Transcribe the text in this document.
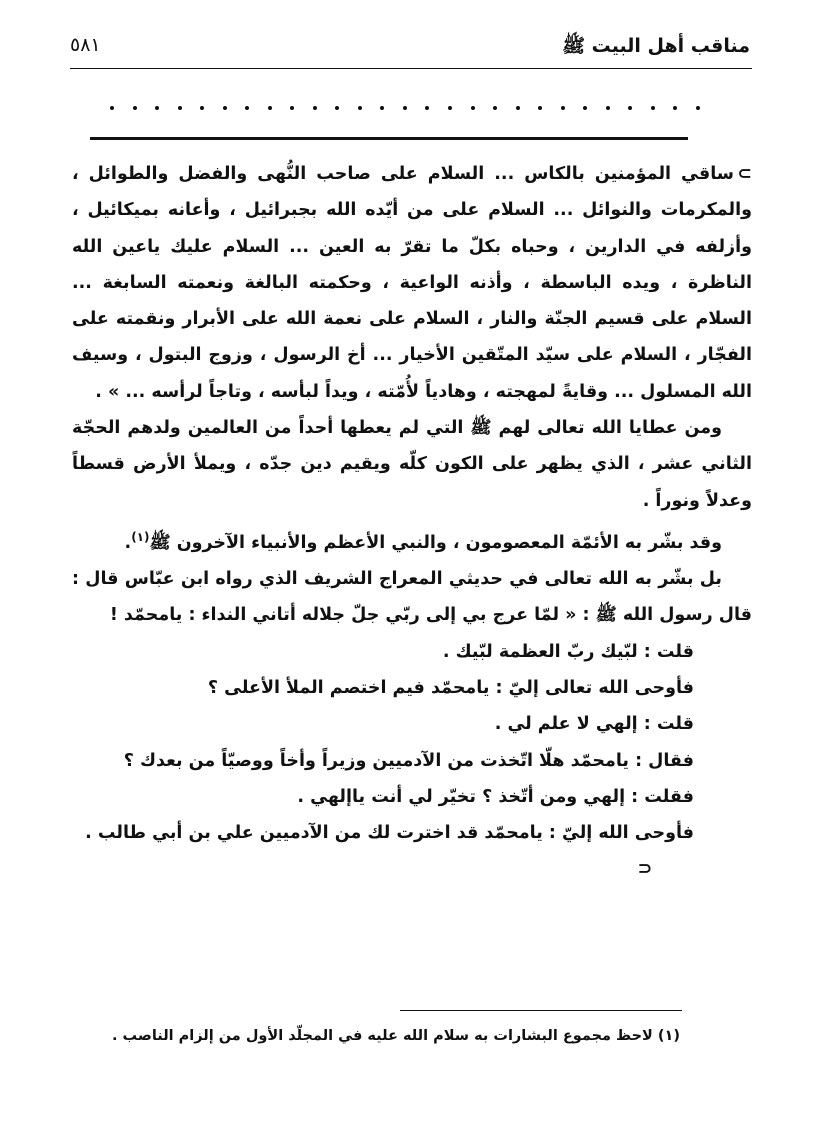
مناقب أهل البيت ﷺ
٥٨١

⊃ساقي المؤمنين بالكاس ... السلام على صاحب النُّهى والفضل والطوائل ، والمكرمات والنوائل ... السلام على من أيّده الله بجبرائيل ، وأعانه بميكائيل ، وأزلفه في الدارين ، وحباه بكلّ ما تقرّ به العين ... السلام عليك ياعين الله الناظرة ، ويده الباسطة ، وأذنه الواعية ، وحكمته البالغة ونعمته السابغة ... السلام على قسيم الجنّة والنار ، السلام على نعمة الله على الأبرار ونقمته على الفجّار ، السلام على سيّد المتّقين الأخيار ... أخ الرسول ، وزوج البتول ، وسيف الله المسلول ... وقايةً لمهجته ، وهادياً لأُمّته ، ويداً لبأسه ، وتاجاً لرأسه ... » .

ومن عطايا الله تعالى لهم ﷺ التي لم يعطها أحداً من العالمين ولدهم الحجّة الثاني عشر ، الذي يظهر على الكون كلّه ويقيم دين جدّه ، ويملأ الأرض قسطاً وعدلاً ونوراً .

وقد بشّر به الأئمّة المعصومون ، والنبي الأعظم والأنبياء الآخرون ﷺ$^{(١)}$.

بل بشّر به الله تعالى في حديثي المعراج الشريف الذي رواه ابن عبّاس قال : قال رسول الله ﷺ : « لمّا عرج بي إلى ربّي جلّ جلاله أتاني النداء : يامحمّد !

قلت : لبّيك ربّ العظمة لبّيك .

فأوحى الله تعالى إليّ : يامحمّد فيم اختصم الملأ الأعلى ؟

قلت : إلهي لا علم لي .

فقال : يامحمّد هلّا اتّخذت من الآدميين وزيراً وأخاً ووصيّاً من بعدك ؟

فقلت : إلهي ومن أتّخذ ؟ تخيّر لي أنت ياإلهي .

فأوحى الله إليّ : يامحمّد قد اخترت لك من الآدميين علي بن أبي طالب .⊂

(١) لاحظ مجموع البشارات به سلام الله عليه في المجلّد الأول من إلزام الناصب .
